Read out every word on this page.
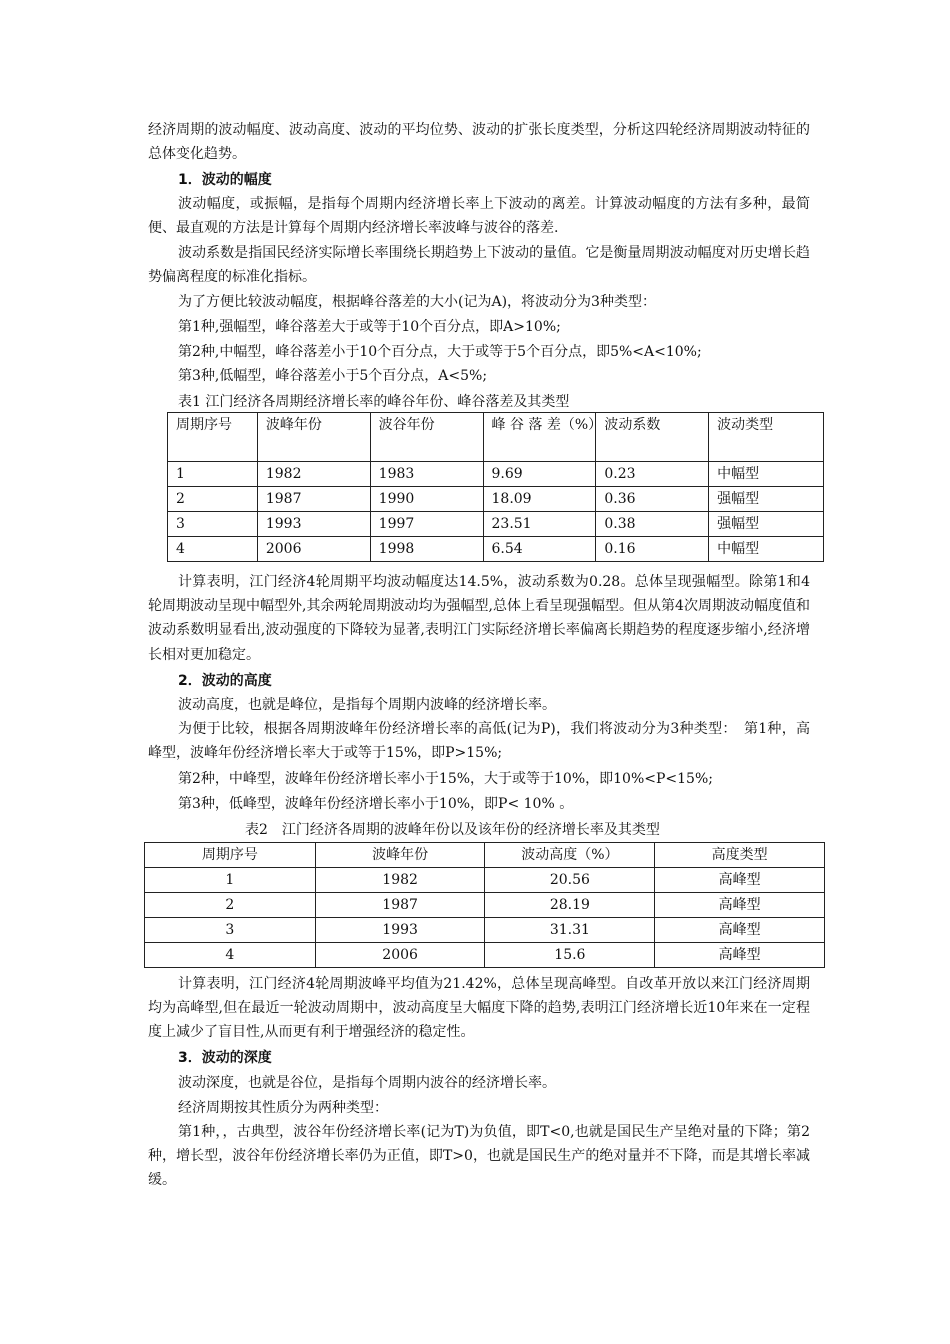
经济周期的波动幅度、波动高度、波动的平均位势、波动的扩张长度类型，分析这四轮经济周期波动特征的总体变化趋势。

1．波动的幅度

波动幅度，或振幅，是指每个周期内经济增长率上下波动的离差。计算波动幅度的方法有多种，最简便、最直观的方法是计算每个周期内经济增长率波峰与波谷的落差.

波动系数是指国民经济实际增长率围绕长期趋势上下波动的量值。它是衡量周期波动幅度对历史增长趋势偏离程度的标准化指标。

为了方便比较波动幅度，根据峰谷落差的大小(记为A)，将波动分为3种类型：

第1种,强幅型，峰谷落差大于或等于10个百分点，即A>10%;

第2种,中幅型，峰谷落差小于10个百分点，大于或等于5个百分点，即5%<A<10%;

第3种,低幅型，峰谷落差小于5个百分点，A<5%;

表1 江门经济各周期经济增长率的峰谷年份、峰谷落差及其类型

周期序号	波峰年份	波谷年份	峰 谷 落 差（%）	波动系数	波动类型
1	1982	1983	9.69	0.23	中幅型
2	1987	1990	18.09	0.36	强幅型
3	1993	1997	23.51	0.38	强幅型
4	2006	1998	6.54	0.16	中幅型

计算表明，江门经济4轮周期平均波动幅度达14.5%，波动系数为0.28。总体呈现强幅型。除第1和4轮周期波动呈现中幅型外,其余两轮周期波动均为强幅型,总体上看呈现强幅型。但从第4次周期波动幅度值和波动系数明显看出,波动强度的下降较为显著,表明江门实际经济增长率偏离长期趋势的程度逐步缩小,经济增长相对更加稳定。

2．波动的高度

波动高度，也就是峰位，是指每个周期内波峰的经济增长率。

为便于比较，根据各周期波峰年份经济增长率的高低(记为P)，我们将波动分为3种类型：　第1种，高峰型，波峰年份经济增长率大于或等于15%，即P>15%;

第2种，中峰型，波峰年份经济增长率小于15%，大于或等于10%，即10%<P<15%;

第3种，低峰型，波峰年份经济增长率小于10%，即P< 10% 。

表2　江门经济各周期的波峰年份以及该年份的经济增长率及其类型

周期序号	波峰年份	波动高度（%）	高度类型
1	1982	20.56	高峰型
2	1987	28.19	高峰型
3	1993	31.31	高峰型
4	2006	15.6	高峰型

计算表明，江门经济4轮周期波峰平均值为21.42%，总体呈现高峰型。自改革开放以来江门经济周期均为高峰型,但在最近一轮波动周期中，波动高度呈大幅度下降的趋势,表明江门经济增长近10年来在一定程度上减少了盲目性,从而更有利于增强经济的稳定性。

3．波动的深度

波动深度，也就是谷位，是指每个周期内波谷的经济增长率。

经济周期按其性质分为两种类型：

第1种，，古典型，波谷年份经济增长率(记为T)为负值，即T<0,也就是国民生产呈绝对量的下降；第2种，增长型，波谷年份经济增长率仍为正值，即T>0，也就是国民生产的绝对量并不下降，而是其增长率减缓。
